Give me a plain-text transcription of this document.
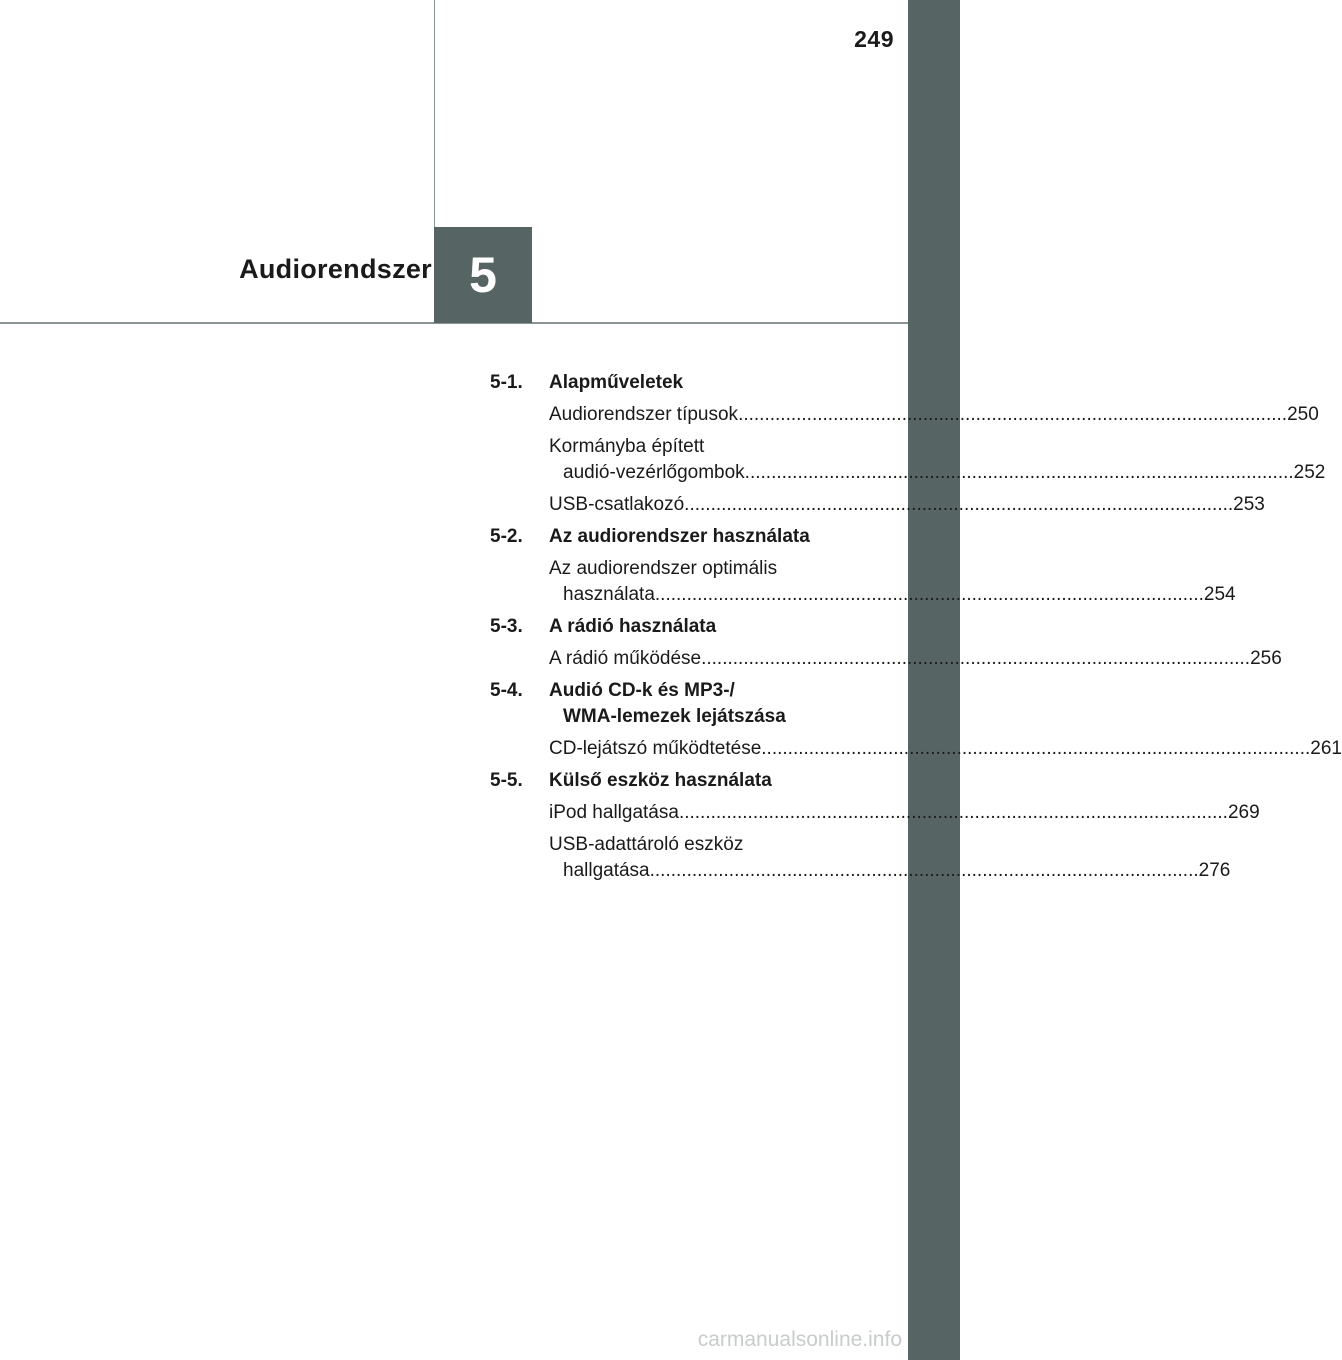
249
Audiorendszer 5
5-1. Alapműveletek
Audiorendszer típusok .....	250
Kormányba épített
audió-vezérlőgombok .....	252
USB-csatlakozó .....	253
5-2. Az audiorendszer használata
Az audiorendszer optimális
használata .....	254
5-3. A rádió használata
A rádió működése .....	256
5-4. Audió CD-k és MP3-/
WMA-lemezek lejátszása
CD-lejátszó működtetése .....	261
5-5. Külső eszköz használata
iPod hallgatása .....	269
USB-adattároló eszköz
hallgatása .....	276
carmanualsonline.info
